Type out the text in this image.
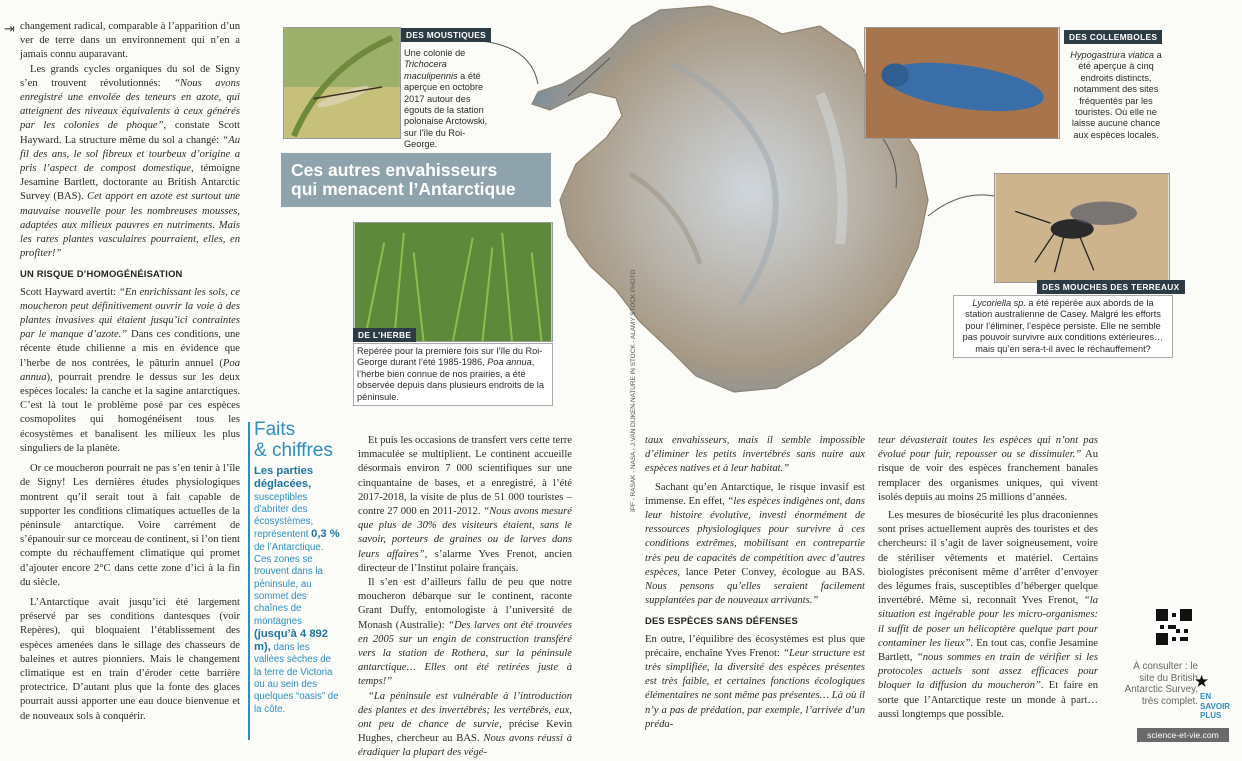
⇥ changement radical, comparable à l’apparition d’un ver de terre dans un environnement qui n’en a jamais connu auparavant.

Les grands cycles organiques du sol de Signy s’en trouvent révolutionnés: “Nous avons enregistré une envolée des teneurs en azote, qui atteignent des niveaux équivalents à ceux générés par les colonies de phoque”, constate Scott Hayward. La structure même du sol a changé: “Au fil des ans, le sol fibreux et tourbeux d’origine a pris l’aspect de compost domestique, témoigne Jesamine Bartlett, doctorante au British Antarctic Survey (BAS). Cet apport en azote est surtout une mauvaise nouvelle pour les nombreuses mousses, adaptées aux milieux pauvres en nutriments. Mais les rares plantes vasculaires pourraient, elles, en profiter!”

UN RISQUE D’HOMOGÉNÉISATION

Scott Hayward avertit: “En enrichissant les sols, ce moucheron peut définitivement ouvrir la voie à des plantes invasives qui étaient jusqu’ici contraintes par le manque d’azote.” Dans ces conditions, une récente étude chilienne a mis en évidence que l’herbe de nos contrées, le pâturin annuel (Poa annua), pourrait prendre le dessus sur les deux espèces locales: la canche et la sagine antarctiques. C’est là tout le problème posé par ces espèces cosmopolites qui homogénéisent tous les écosystèmes et banalisent les milieux les plus singuliers de la planète.

Or ce moucheron pourrait ne pas s’en tenir à l’île de Signy! Les dernières études physiologiques montrent qu’il serait tout à fait capable de supporter les conditions climatiques actuelles de la péninsule antarctique. Voire carrément de s’épanouir sur ce morceau de continent, si l’on tient compte du réchauffement climatique qui promet d’ajouter encore 2°C dans cette zone d’ici à la fin du siècle.

L’Antarctique avait jusqu’ici été largement préservé par ses conditions dantesques (voir Repères), qui bloquaient l’établissement des espèces amenées dans le sillage des chasseurs de baleines et autres pionniers. Mais le changement climatique est en train d’éroder cette barrière protectrice. D’autant plus que la fonte des glaces pourrait aussi apporter une eau douce bienvenue et de nouveaux sols à conquérir.

DES MOUSTIQUES
Une colonie de Trichocera maculipennis a été aperçue en octobre 2017 autour des égouts de la station polonaise Arctowski, sur l’île du Roi-George.
Ces autres envahisseurs
qui menacent l’Antarctique
DE L’HERBE
Repérée pour la première fois sur l’île du Roi-George durant l’été 1985-1986, Poa annua, l’herbe bien connue de nos prairies, a été observée depuis dans plusieurs endroits de la péninsule.
DES COLLEMBOLES
Hypogastrura viatica a été aperçue à cinq endroits distincts, notamment des sites fréquentés par les touristes. Où elle ne laisse aucune chance aux espèces locales.
DES MOUCHES DES TERREAUX
Lycoriella sp. a été repérée aux abords de la station australienne de Casey. Malgré les efforts pour l’éliminer, l’espèce persiste. Elle ne semble pas pouvoir survivre aux conditions extérieures… mais qu’en sera-t-il avec le réchauffement?
Faits
& chiffres
Les parties déglacées, susceptibles d’abriter des écosystèmes, représentent 0,3 % de l’Antarctique. Ces zones se trouvent dans la péninsule, au sommet des chaînes de montagnes (jusqu’à 4 892 m), dans les vallées sèches de la terre de Victoria ou au sein des quelques “oasis” de la côte.

Et puis les occasions de transfert vers cette terre immaculée se multiplient. Le continent accueille désormais environ 7 000 scientifiques sur une cinquantaine de bases, et a enregistré, à l’été 2017-2018, la visite de plus de 51 000 touristes – contre 27 000 en 2011-2012. “Nous avons mesuré que plus de 30% des visiteurs étaient, sans le savoir, porteurs de graines ou de larves dans leurs affaires”, s’alarme Yves Frenot, ancien directeur de l’Institut polaire français.

Il s’en est d’ailleurs fallu de peu que notre moucheron débarque sur le continent, raconte Grant Duffy, entomologiste à l’université de Monash (Australie): “Des larves ont été trouvées en 2005 sur un engin de construction transféré vers la station de Rothera, sur la péninsule antarctique… Elles ont été retirées juste à temps!”

“La péninsule est vulnérable à l’introduction des plantes et des invertébrés; les vertébrés, eux, ont peu de chance de survie, précise Kevin Hughes, chercheur au BAS. Nous avons réussi à éradiquer la plupart des végé-

IPF - RASAK - NASA - J.VAN DIJKEN-NATURE IN STOCK - ALAMY STOCK PHOTO taux envahisseurs, mais il semble impossible d’éliminer les petits invertébrés sans nuire aux espèces natives et à leur habitat.”

Sachant qu’en Antarctique, le risque invasif est immense. En effet, “les espèces indigènes ont, dans leur histoire évolutive, investi énormément de ressources physiologiques pour survivre à ces conditions extrêmes, mobilisant en contrepartie très peu de capacités de compétition avec d’autres espèces, lance Peter Convey, écologue au BAS. Nous pensons qu’elles seraient facilement supplantées par de nouveaux arrivants.”

DES ESPÈCES SANS DÉFENSES

En outre, l’équilibre des écosystèmes est plus que précaire, enchaîne Yves Frenot: “Leur structure est très simplifiée, la diversité des espèces présentes est très faible, et certaines fonctions écologiques élémentaires ne sont même pas présentes… Là où il n’y a pas de prédation, par exemple, l’arrivée d’un préda-

teur dévasterait toutes les espèces qui n’ont pas évolué pour fuir, repousser ou se dissimuler.” Au risque de voir des espèces franchement banales remplacer des organismes uniques, qui vivent isolés depuis au moins 25 millions d’années.

Les mesures de biosécurité les plus draconiennes sont prises actuellement auprès des touristes et des chercheurs: il s’agit de laver soigneusement, voire de stériliser vêtements et matériel. Certains biologistes préconisent même d’arrêter d’envoyer des légumes frais, susceptibles d’héberger quelque invertébré. Même si, reconnaît Yves Frenot, “la situation est ingérable pour les micro-organismes: il suffit de poser un hélicoptère quelque part pour contaminer les lieux”. En tout cas, confie Jesamine Bartlett, “nous sommes en train de vérifier si les protocoles actuels sont assez efficaces pour bloquer la diffusion du moucheron”. Et faire en sorte que l’Antarctique reste un monde à part… aussi longtemps que possible.

À consulter : le site du British Antarctic Survey, très complet.
★
EN
SAVOIR
PLUS
science-et-vie.com
